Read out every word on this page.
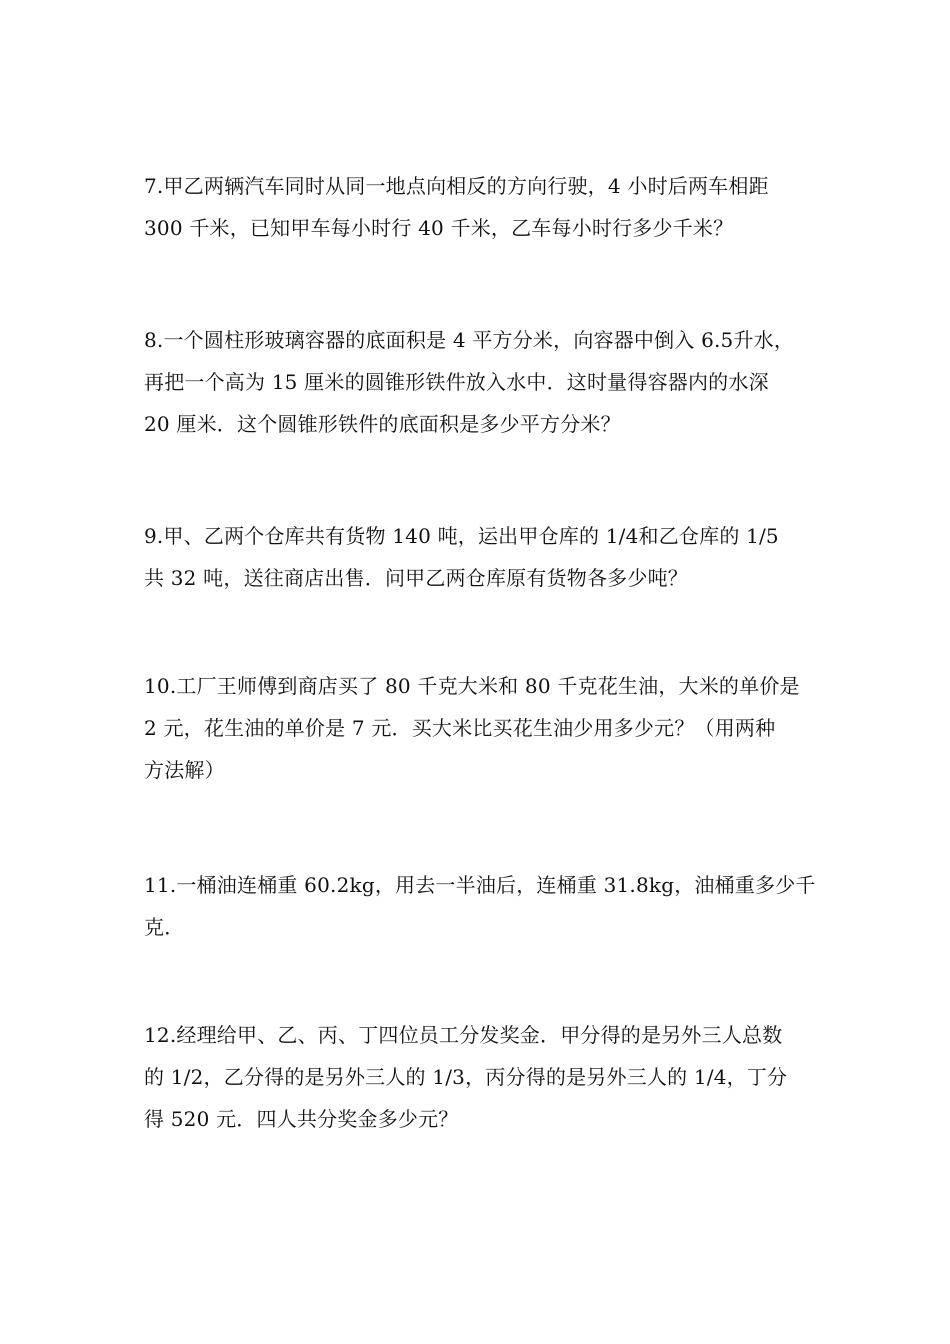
7.甲乙两辆汽车同时从同一地点向相反的方向行驶，4 小时后两车相距
300 千米，已知甲车每小时行 40 千米，乙车每小时行多少千米？
8.一个圆柱形玻璃容器的底面积是 4 平方分米，向容器中倒入 6.5升水，
再把一个高为 15 厘米的圆锥形铁件放入水中．这时量得容器内的水深
20 厘米．这个圆锥形铁件的底面积是多少平方分米？
9.甲、乙两个仓库共有货物 140 吨，运出甲仓库的 1/4和乙仓库的 1/5
共 32 吨，送往商店出售．问甲乙两仓库原有货物各多少吨？
10.工厂王师傅到商店买了 80 千克大米和 80 千克花生油，大米的单价是
2 元，花生油的单价是 7 元．买大米比买花生油少用多少元？（用两种
方法解）
11.一桶油连桶重 60.2kg，用去一半油后，连桶重 31.8kg，油桶重多少千
克．
12.经理给甲、乙、丙、丁四位员工分发奖金．甲分得的是另外三人总数
的 1/2，乙分得的是另外三人的 1/3，丙分得的是另外三人的 1/4，丁分
得 520 元．四人共分奖金多少元？
